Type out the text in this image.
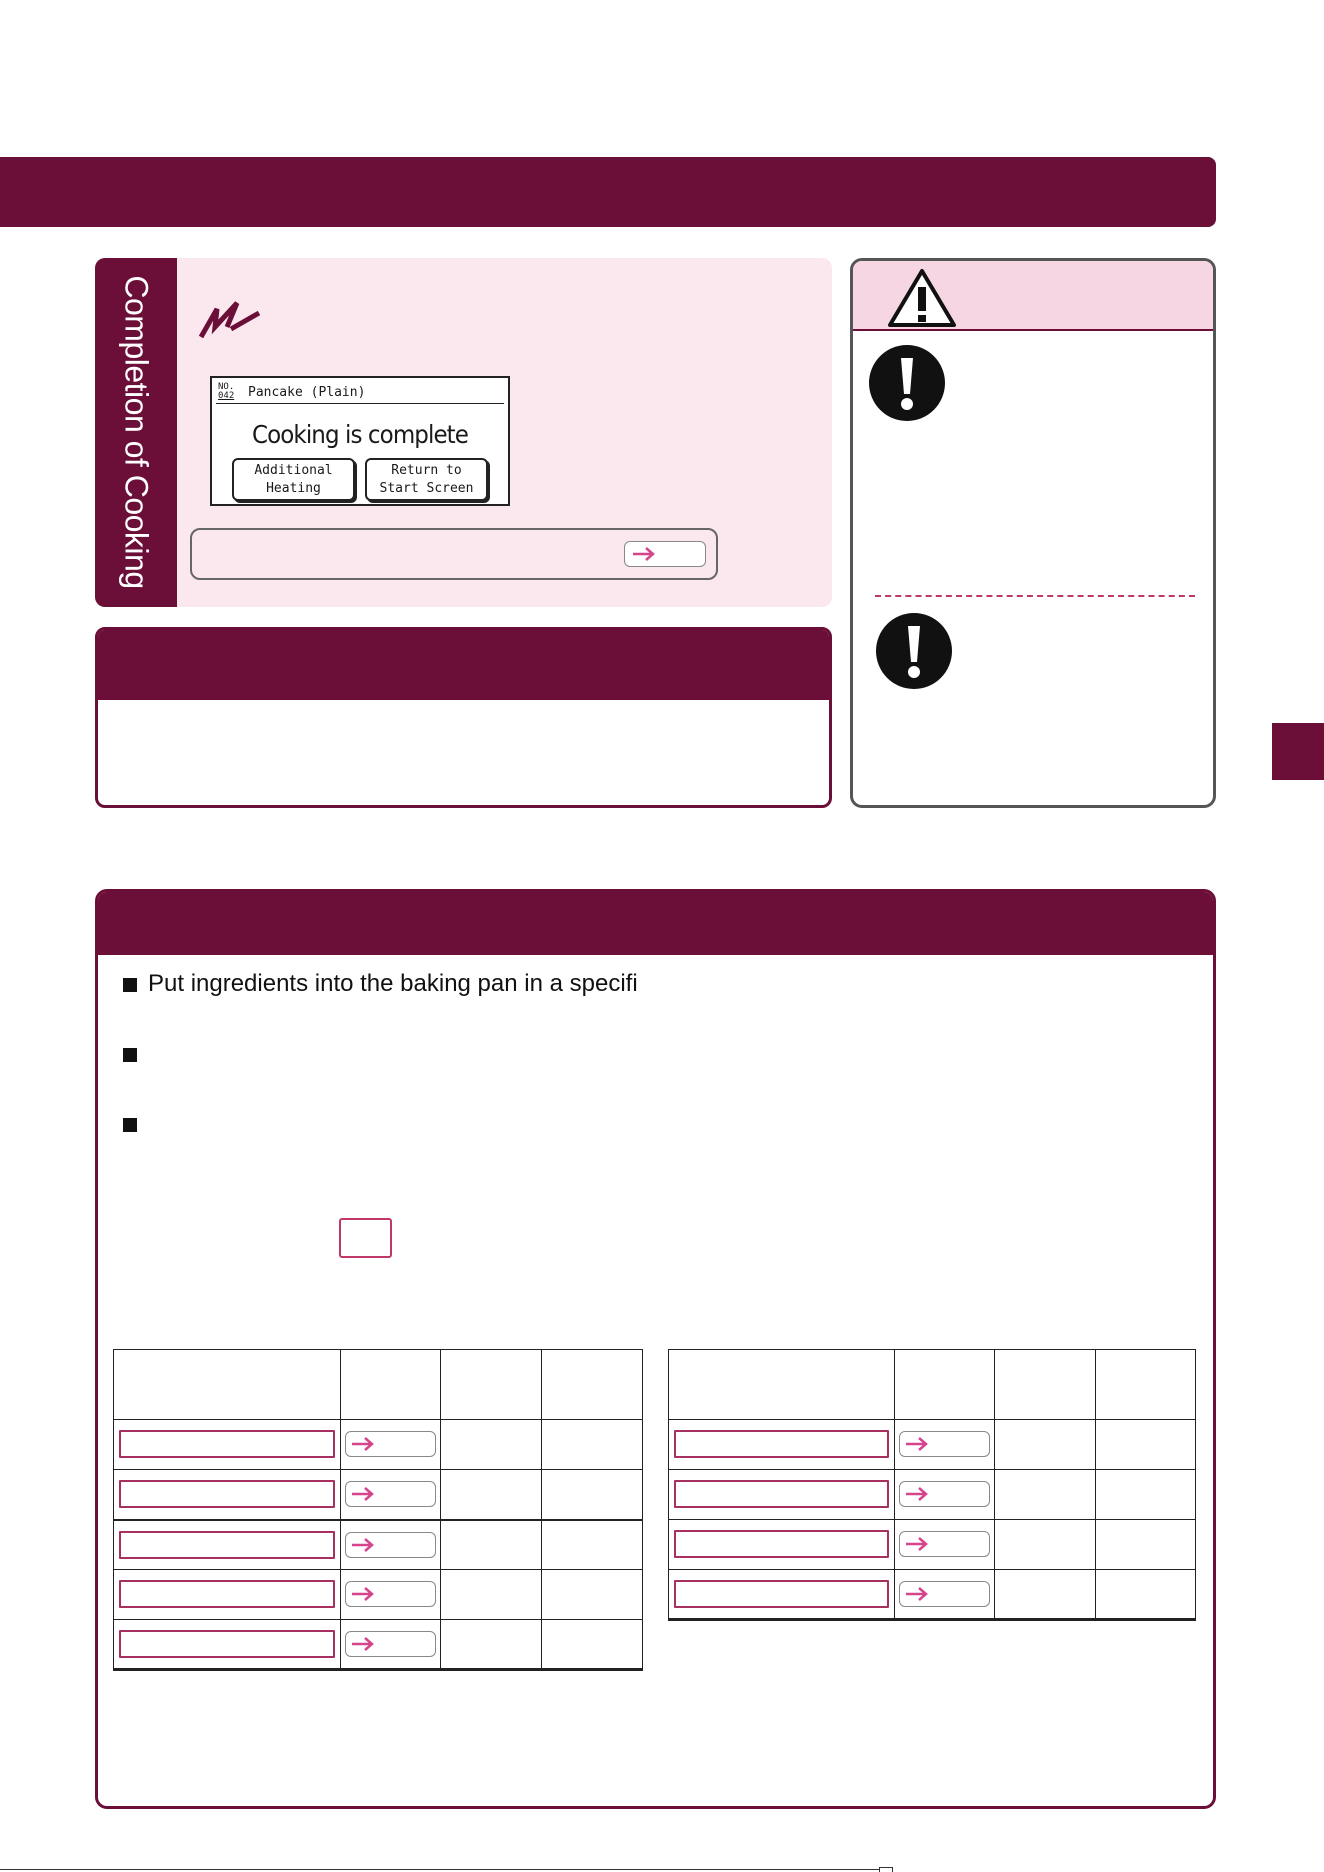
Completion of Cooking	NO.
042 Pancake (Plain)
Cooking is complete
Additional
Heating
Return to
Start Screen
Put ingredients into the baking pan in a specifi
